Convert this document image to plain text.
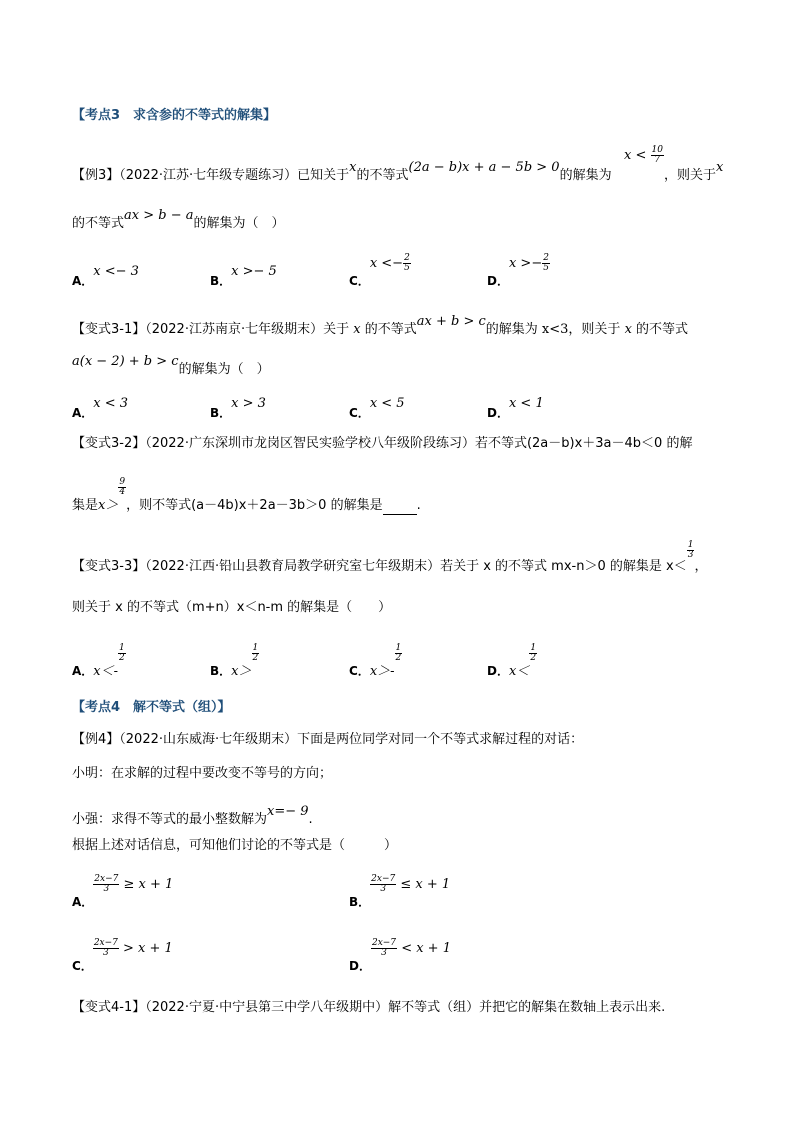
【考点3　求含参的不等式的解集】
【例3】（2022·江苏·七年级专题练习）已知关于x的不等式(2a − b)x + a − 5b > 0的解集为
$x < \frac{10}{7}$
，则关于x
的不等式ax > b − a的解集为（　）
A．x <− 3
B．x >− 5
C．$x <- \frac{2}{5}$
D．$x >- \frac{2}{5}$
【变式3-1】（2022·江苏南京·七年级期末）关于 x 的不等式ax + b > c的解集为 x<3，则关于 x 的不等式
a(x − 2) + b > c的解集为（　）
A．x < 3
B．x > 3
C．x < 5
D．x < 1
【变式3-2】（2022·广东深圳市龙岗区智民实验学校八年级阶段练习）若不等式(2a－b)x＋3a－4b＜0 的解
集是x＞
$\frac{9}{4}$
，则不等式(a－4b)x＋2a－3b＞0 的解集是	.
【变式3-3】（2022·江西·铅山县教育局教学研究室七年级期末）若关于 x 的不等式 mx-n＞0 的解集是 x＜
$\frac{1}{3}$
，
则关于 x 的不等式（m+n）x＜n-m 的解集是（　　）
A．x＜-
$\frac{1}{2}$
B．x＞
$\frac{1}{2}$
C．x＞-
$\frac{1}{2}$
D．x＜
$\frac{1}{2}$
【考点4　解不等式（组）】
【例4】（2022·山东威海·七年级期末）下面是两位同学对同一个不等式求解过程的对话：
小明：在求解的过程中要改变不等号的方向；
小强：求得不等式的最小整数解为x=− 9.
根据上述对话信息，可知他们讨论的不等式是（　　　）
A．
$\frac{2x-7}{3} \ge x + 1$
B．
$\frac{2x-7}{3} \le x + 1$
C．
$\frac{2x-7}{3} > x + 1$
D．
$\frac{2x-7}{3} < x + 1$
【变式4-1】（2022·宁夏·中宁县第三中学八年级期中）解不等式（组）并把它的解集在数轴上表示出来.
